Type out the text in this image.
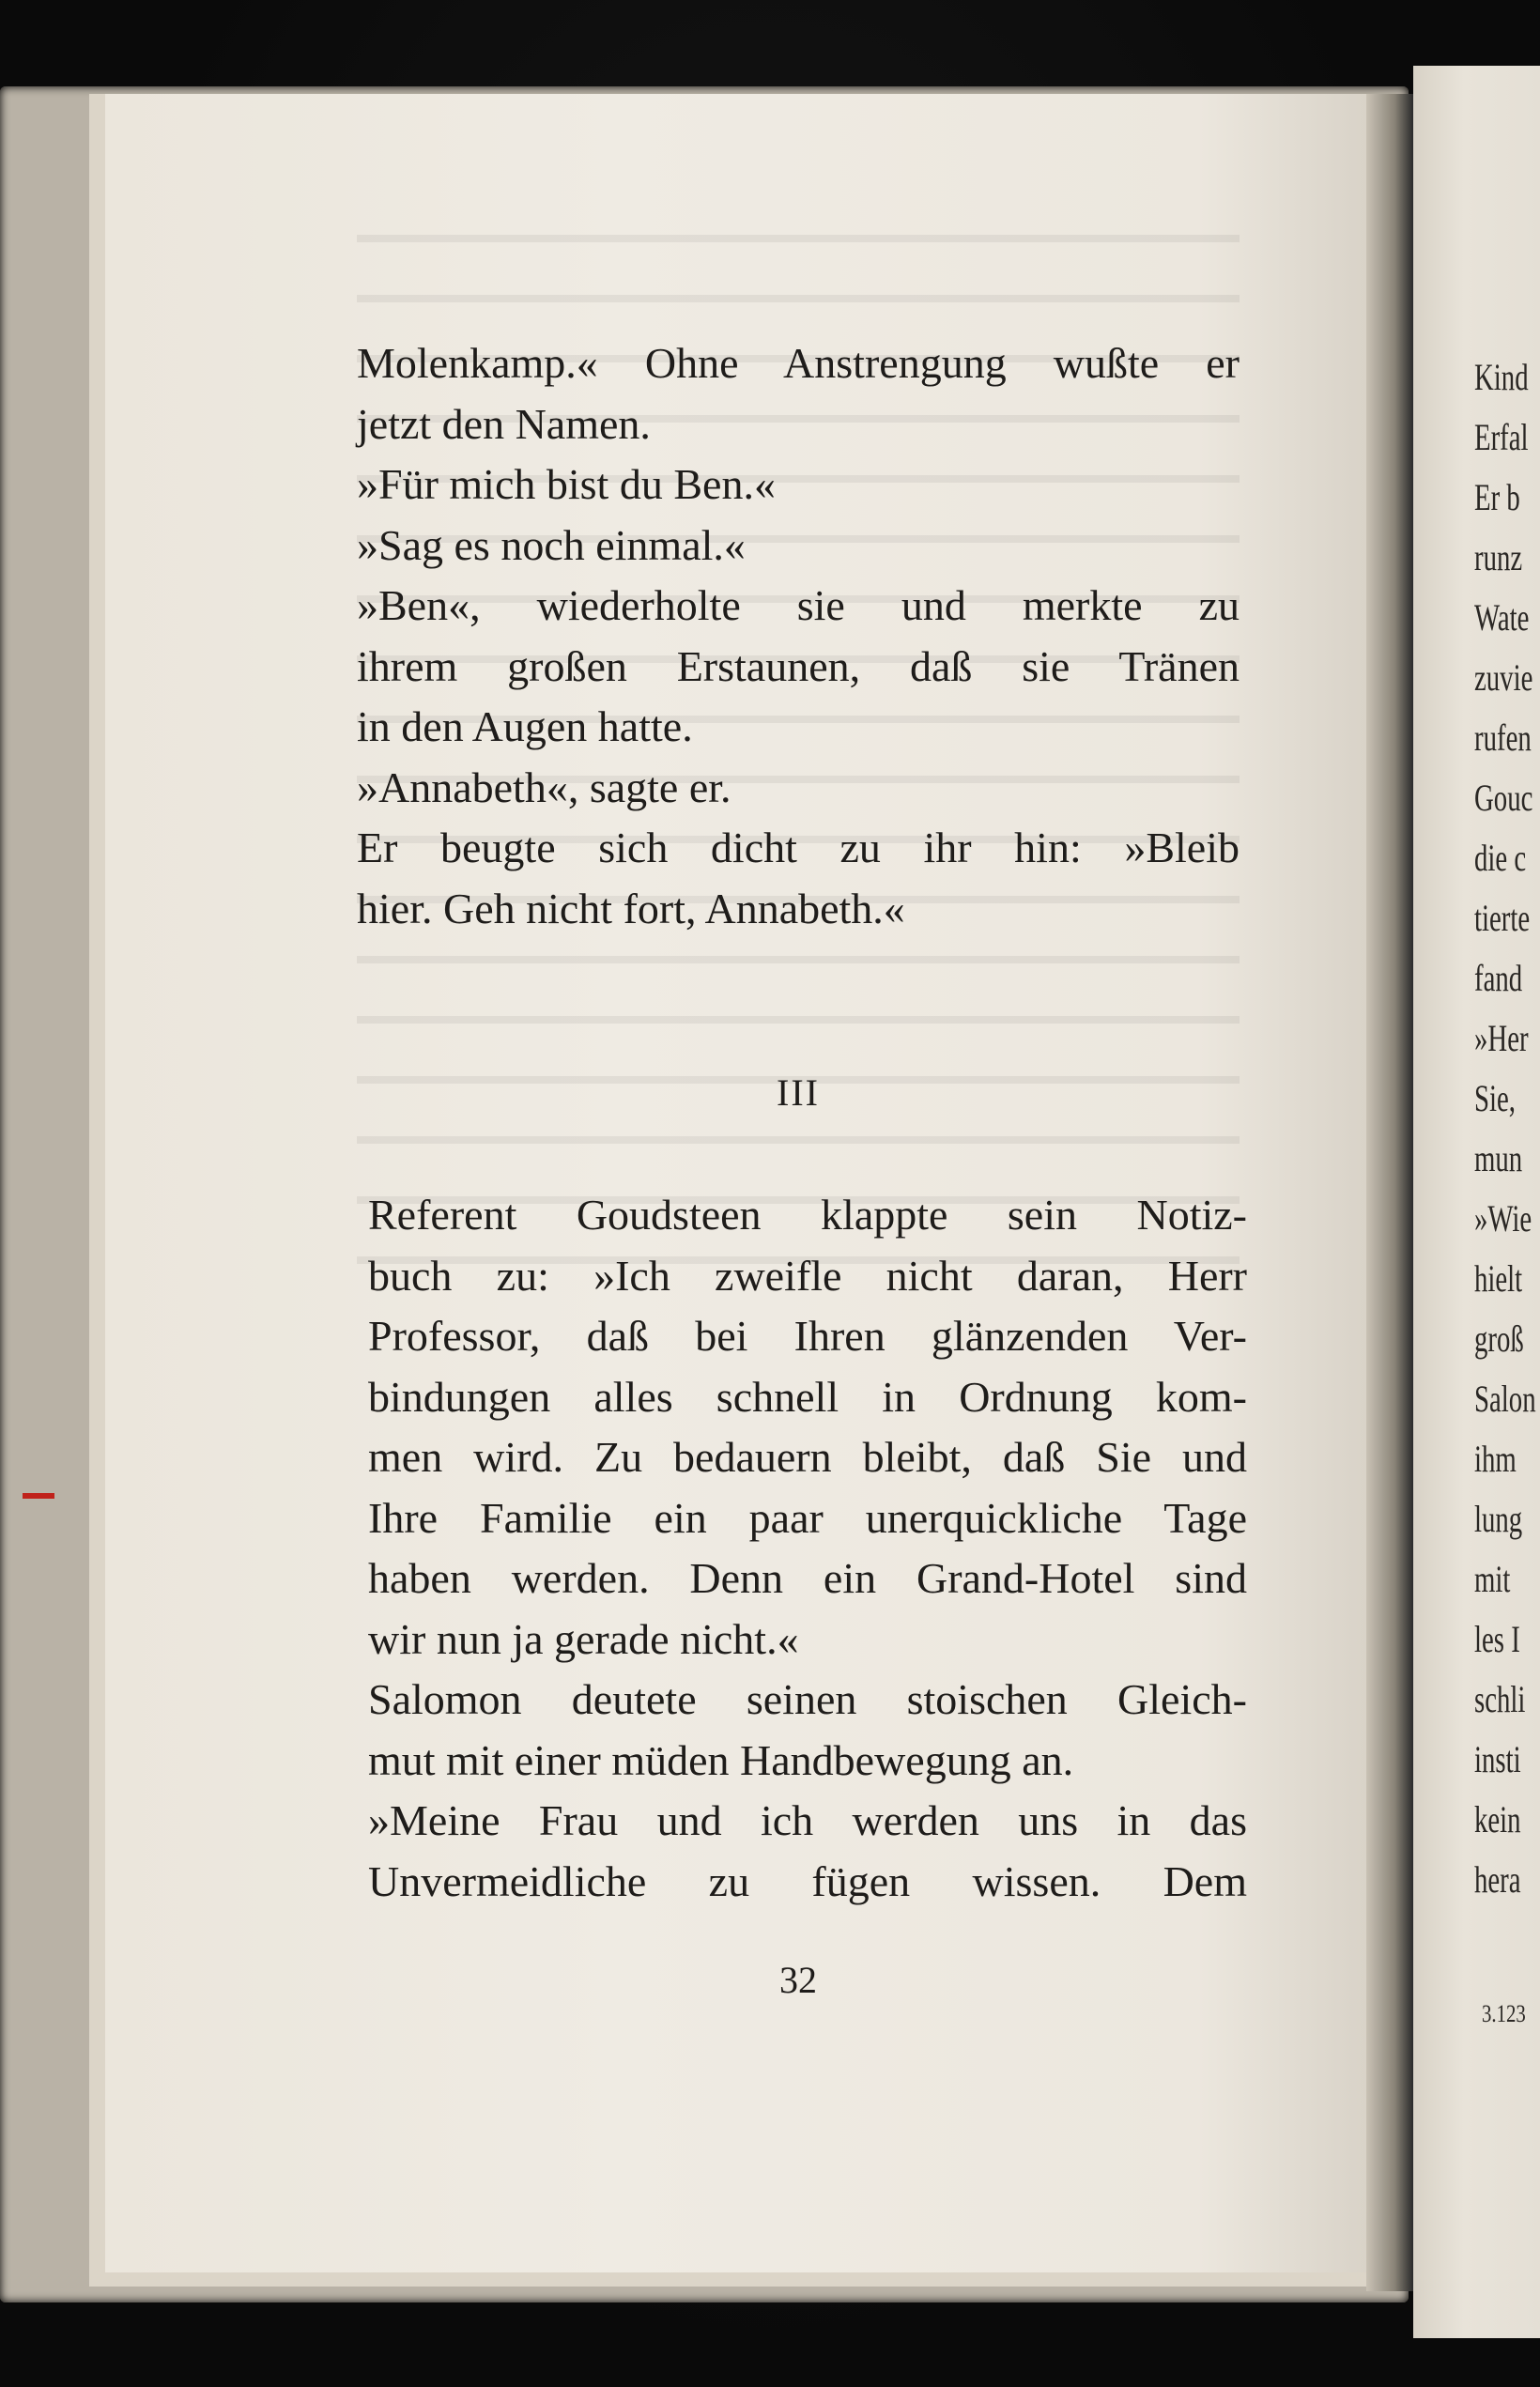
Molenkamp.« Ohne Anstrengung wußte er
jetzt den Namen.
»Für mich bist du Ben.«
»Sag es noch einmal.«
»Ben«, wiederholte sie und merkte zu
ihrem großen Erstaunen, daß sie Tränen
in den Augen hatte.
»Annabeth«, sagte er.
Er beugte sich dicht zu ihr hin: »Bleib
hier. Geh nicht fort, Annabeth.«
III
Referent Goudsteen klappte sein Notiz-
buch zu: »Ich zweifle nicht daran, Herr
Professor, daß bei Ihren glänzenden Ver-
bindungen alles schnell in Ordnung kom-
men wird. Zu bedauern bleibt, daß Sie und
Ihre Familie ein paar unerquickliche Tage
haben werden. Denn ein Grand-Hotel sind
wir nun ja gerade nicht.«
Salomon deutete seinen stoischen Gleich-
mut mit einer müden Handbewegung an.
»Meine Frau und ich werden uns in das
Unvermeidliche zu fügen wissen. Dem
32
Kind
Erfal
Er b
runz
Wate
zuvie
rufen
Gouc
die c
tierte
fand
»Her
Sie,
mun
»Wie
hielt
groß
Salon
ihm
lung
mit
les I
schli
insti
kein
hera
3.123
